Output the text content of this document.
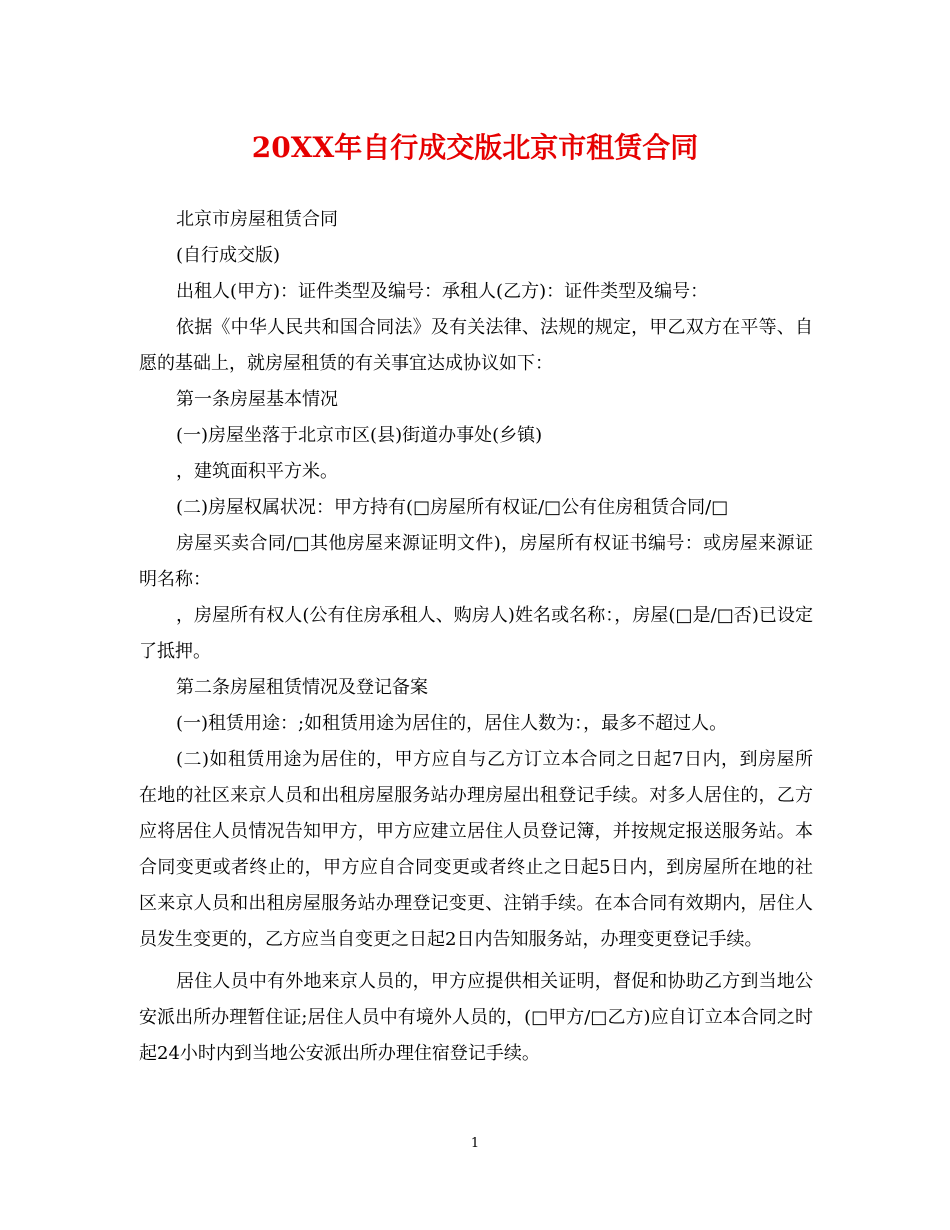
20XX年自行成交版北京市租赁合同

北京市房屋租赁合同

(自行成交版)

出租人(甲方)：证件类型及编号：承租人(乙方)：证件类型及编号：

依据《中华人民共和国合同法》及有关法律、法规的规定，甲乙双方在平等、自愿的基础上，就房屋租赁的有关事宜达成协议如下：

第一条房屋基本情况

(一)房屋坐落于北京市区(县)街道办事处(乡镇)

，建筑面积平方米。

(二)房屋权属状况：甲方持有(□房屋所有权证/□公有住房租赁合同/□

房屋买卖合同/□其他房屋来源证明文件)，房屋所有权证书编号：或房屋来源证明名称：

，房屋所有权人(公有住房承租人、购房人)姓名或名称：，房屋(□是/□否)已设定了抵押。

第二条房屋租赁情况及登记备案

(一)租赁用途：;如租赁用途为居住的，居住人数为：，最多不超过人。

(二)如租赁用途为居住的，甲方应自与乙方订立本合同之日起7日内，到房屋所在地的社区来京人员和出租房屋服务站办理房屋出租登记手续。对多人居住的，乙方应将居住人员情况告知甲方，甲方应建立居住人员登记簿，并按规定报送服务站。本合同变更或者终止的，甲方应自合同变更或者终止之日起5日内，到房屋所在地的社区来京人员和出租房屋服务站办理登记变更、注销手续。在本合同有效期内，居住人员发生变更的，乙方应当自变更之日起2日内告知服务站，办理变更登记手续。

居住人员中有外地来京人员的，甲方应提供相关证明，督促和协助乙方到当地公安派出所办理暂住证;居住人员中有境外人员的，(□甲方/□乙方)应自订立本合同之时起24小时内到当地公安派出所办理住宿登记手续。

1
